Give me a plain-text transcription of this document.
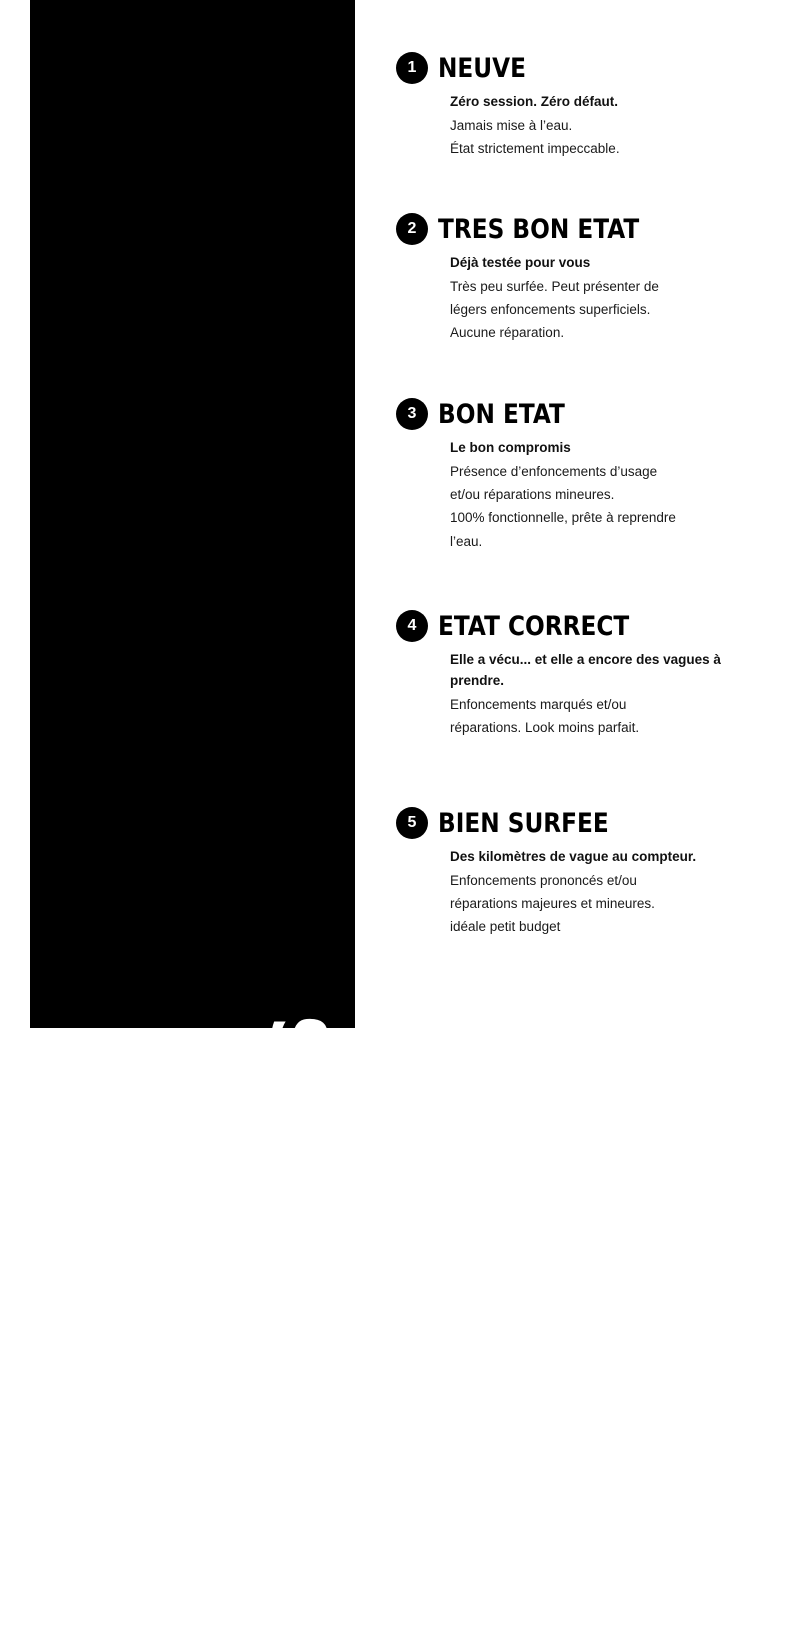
ETAT DES PLANCHES
1 NEUVE

Zéro session. Zéro défaut.

Jamais mise à l’eau.
État strictement impeccable.

2 TRES BON ETAT

Déjà testée pour vous

Très peu surfée. Peut présenter de
légers enfoncements superficiels.
Aucune réparation.

3 BON ETAT

Le bon compromis

Présence d’enfoncements d’usage
et/ou réparations mineures.
100% fonctionnelle, prête à reprendre
l’eau.

4 ETAT CORRECT

Elle a vécu... et elle a encore des vagues à prendre.

Enfoncements marqués et/ou
réparations. Look moins parfait.

5 BIEN SURFEE

Des kilomètres de vague au compteur.

Enfoncements prononcés et/ou
réparations majeures et mineures.
idéale petit budget
